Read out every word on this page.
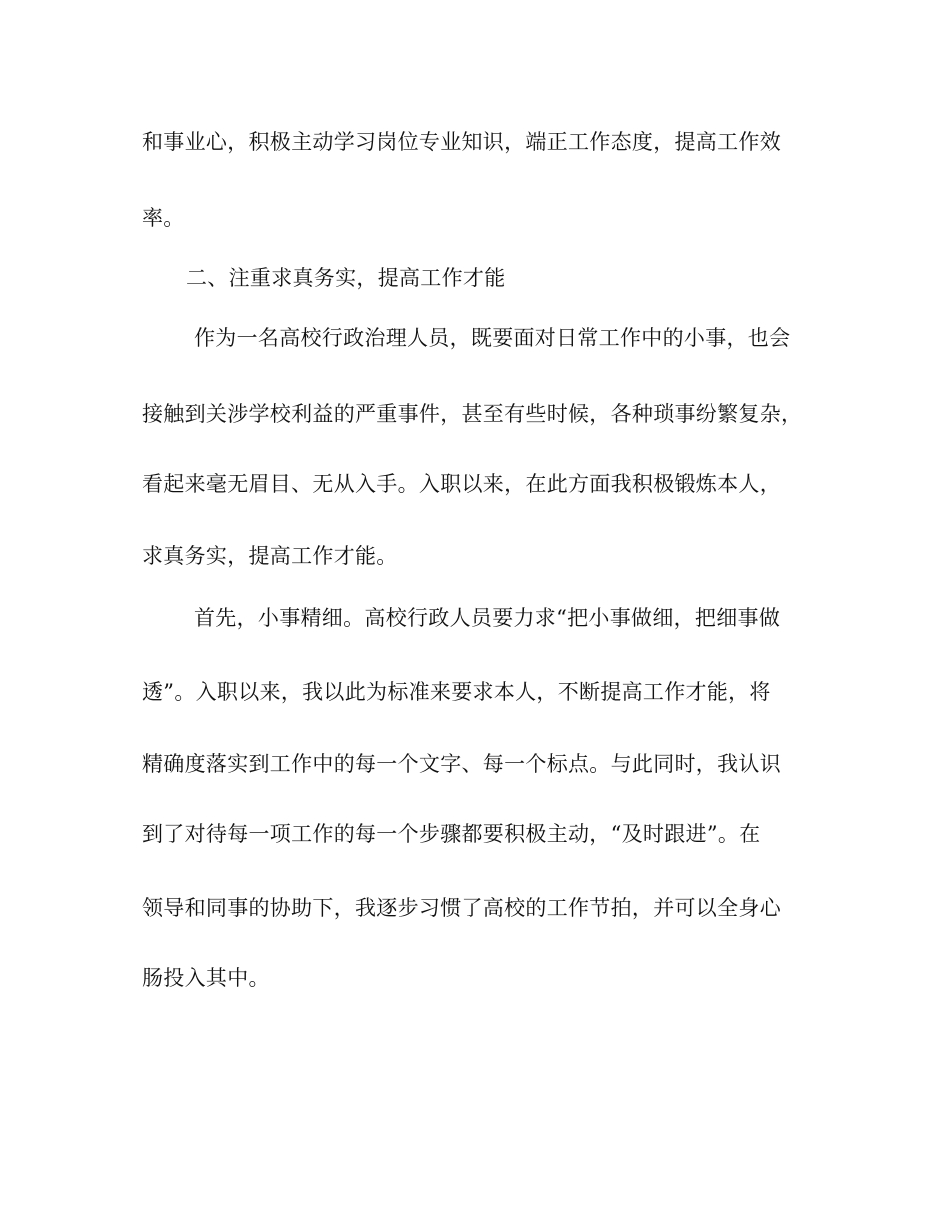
和事业心，积极主动学习岗位专业知识，端正工作态度，提高工作效
率。
二、注重求真务实，提高工作才能
作为一名高校行政治理人员，既要面对日常工作中的小事，也会
接触到关涉学校利益的严重事件，甚至有些时候，各种琐事纷繁复杂，
看起来毫无眉目、无从入手。入职以来，在此方面我积极锻炼本人，
求真务实，提高工作才能。
首先，小事精细。高校行政人员要力求“把小事做细，把细事做
透”。入职以来，我以此为标准来要求本人，不断提高工作才能，将
精确度落实到工作中的每一个文字、每一个标点。与此同时，我认识
到了对待每一项工作的每一个步骤都要积极主动，“及时跟进”。在
领导和同事的协助下，我逐步习惯了高校的工作节拍，并可以全身心
肠投入其中。
